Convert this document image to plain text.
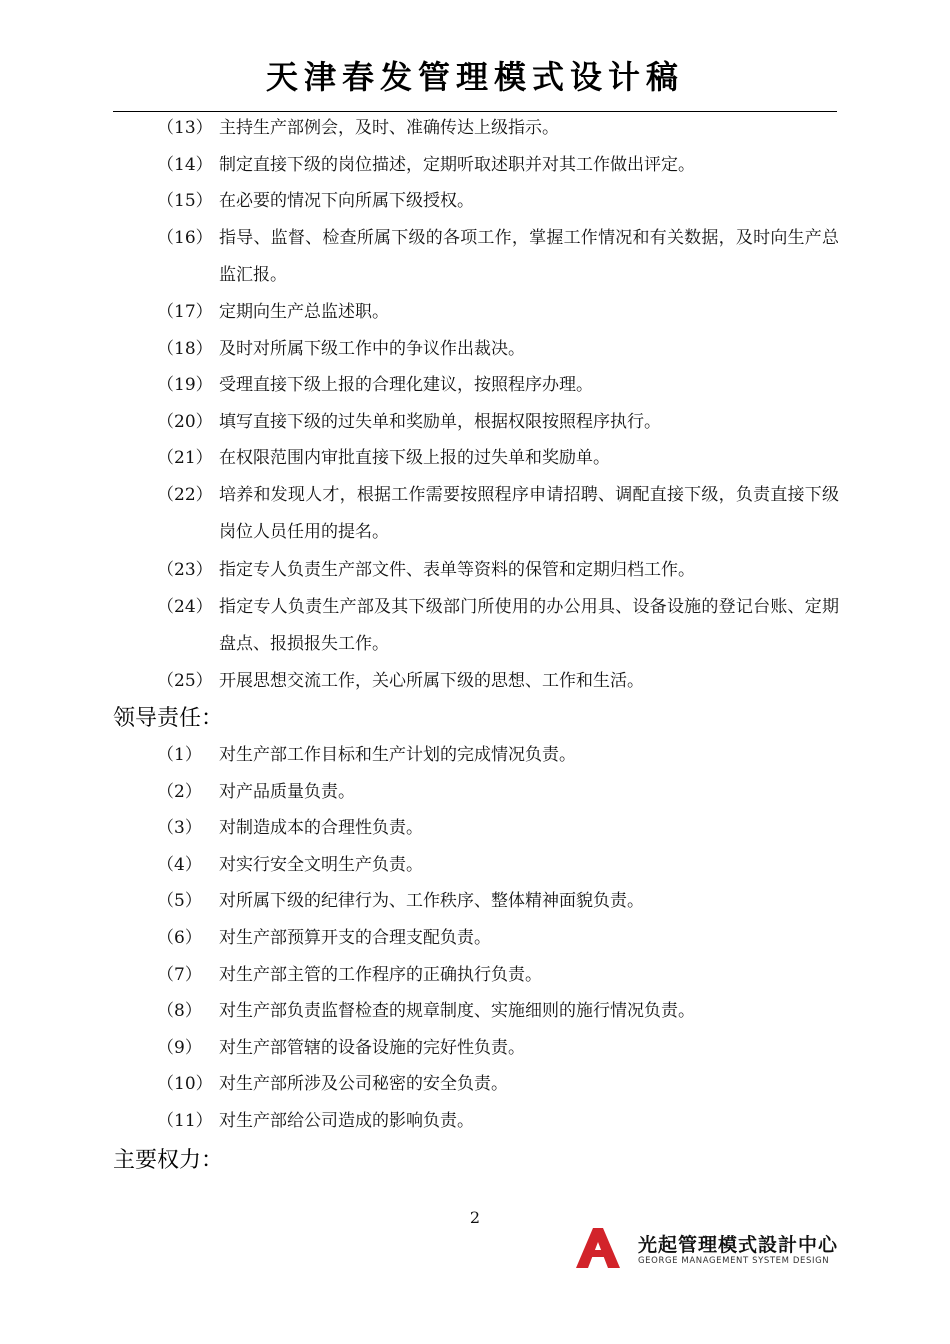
天津春发管理模式设计稿
（13） 主持生产部例会，及时、准确传达上级指示。
（14） 制定直接下级的岗位描述，定期听取述职并对其工作做出评定。
（15） 在必要的情况下向所属下级授权。
（16） 指导、监督、检查所属下级的各项工作，掌握工作情况和有关数据，及时向生产总监汇报。
（17） 定期向生产总监述职。
（18） 及时对所属下级工作中的争议作出裁决。
（19） 受理直接下级上报的合理化建议，按照程序办理。
（20） 填写直接下级的过失单和奖励单，根据权限按照程序执行。
（21） 在权限范围内审批直接下级上报的过失单和奖励单。
（22） 培养和发现人才，根据工作需要按照程序申请招聘、调配直接下级，负责直接下级岗位人员任用的提名。
（23） 指定专人负责生产部文件、表单等资料的保管和定期归档工作。
（24） 指定专人负责生产部及其下级部门所使用的办公用具、设备设施的登记台账、定期盘点、报损报失工作。
（25） 开展思想交流工作，关心所属下级的思想、工作和生活。
领导责任：
（1） 对生产部工作目标和生产计划的完成情况负责。
（2） 对产品质量负责。
（3） 对制造成本的合理性负责。
（4） 对实行安全文明生产负责。
（5） 对所属下级的纪律行为、工作秩序、整体精神面貌负责。
（6） 对生产部预算开支的合理支配负责。
（7） 对生产部主管的工作程序的正确执行负责。
（8） 对生产部负责监督检查的规章制度、实施细则的施行情况负责。
（9） 对生产部管辖的设备设施的完好性负责。
（10） 对生产部所涉及公司秘密的安全负责。
（11） 对生产部给公司造成的影响负责。
主要权力：
2
光起管理模式設計中心
GEORGE MANAGEMENT SYSTEM DESIGN
